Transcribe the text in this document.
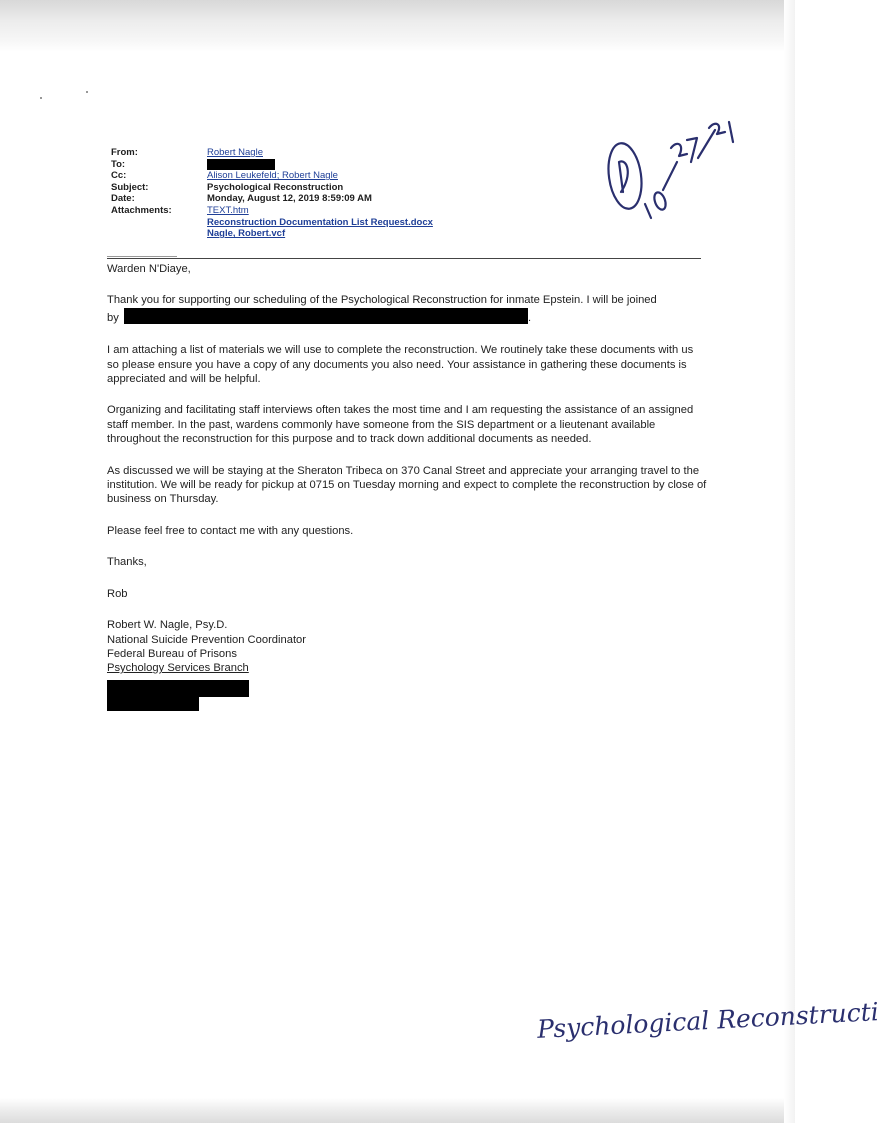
From:	Robert Nagle
To:
Cc:	Alison Leukefeld; Robert Nagle
Subject:	Psychological Reconstruction
Date:	Monday, August 12, 2019 8:59:09 AM
Attachments:	TEXT.htm
Reconstruction Documentation List Request.docx
Nagle, Robert.vcf

Warden N'Diaye,

Thank you for supporting our scheduling of the Psychological Reconstruction for inmate Epstein. I will be joined
by	.

I am attaching a list of materials we will use to complete the reconstruction. We routinely take these documents with us so please ensure you have a copy of any documents you also need. Your assistance in gathering these documents is appreciated and will be helpful.

Organizing and facilitating staff interviews often takes the most time and I am requesting the assistance of an assigned staff member. In the past, wardens commonly have someone from the SIS department or a lieutenant available throughout the reconstruction for this purpose and to track down additional documents as needed.

As discussed we will be staying at the Sheraton Tribeca on 370 Canal Street and appreciate your arranging travel to the institution. We will be ready for pickup at 0715 on Tuesday morning and expect to complete the reconstruction by close of business on Thursday.

Please feel free to contact me with any questions.

Thanks,

Rob

Robert W. Nagle, Psy.D.

National Suicide Prevention Coordinator

Federal Bureau of Prisons

Psychology Services Branch

Psychological Reconstructi
